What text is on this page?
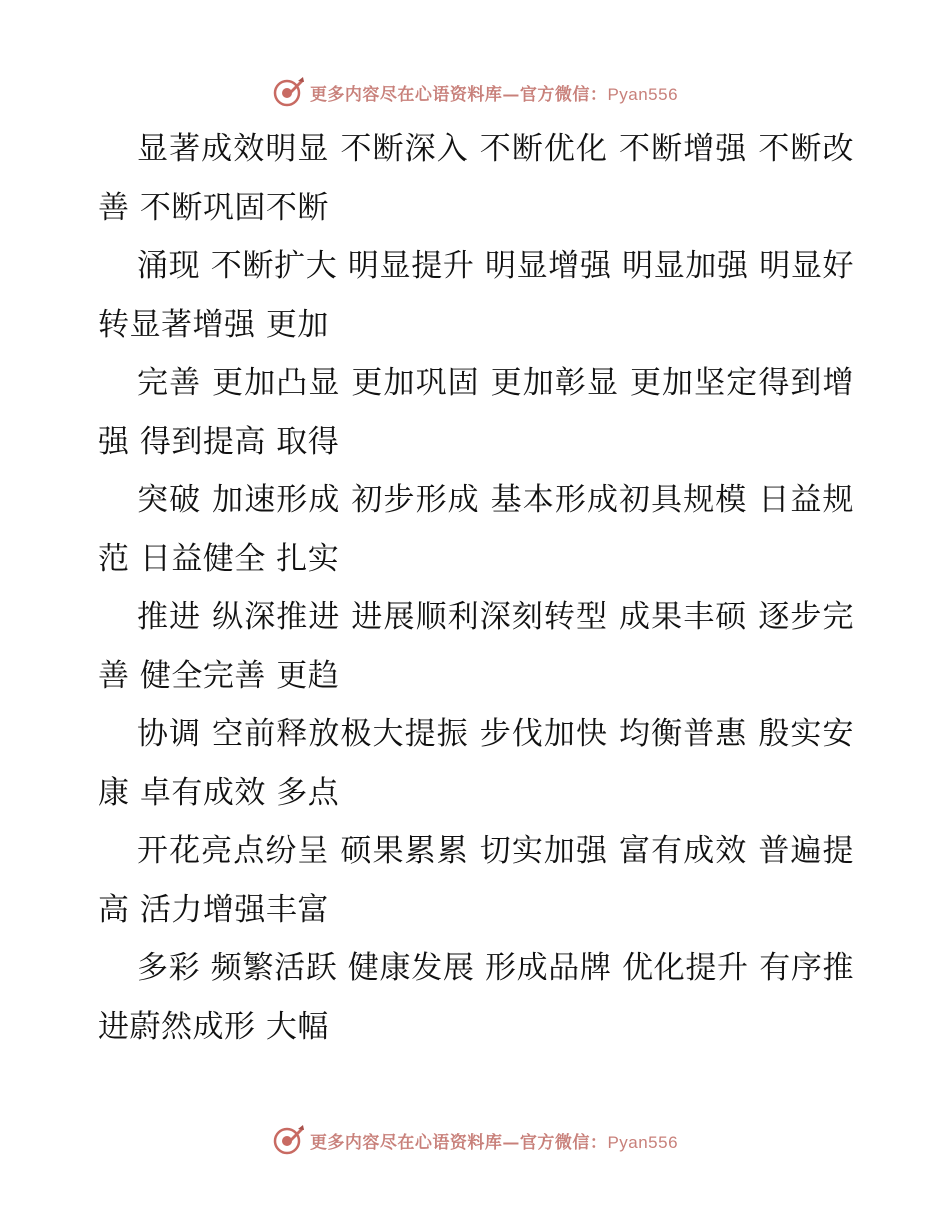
更多内容尽在心语资料库—官方微信：Pyan556

显著成效明显 不断深入 不断优化 不断增强 不断改善 不断巩固不断

涌现 不断扩大 明显提升 明显增强 明显加强 明显好转显著增强 更加

完善 更加凸显 更加巩固 更加彰显 更加坚定得到增强 得到提高 取得

突破 加速形成 初步形成 基本形成初具规模 日益规范 日益健全 扎实

推进 纵深推进 进展顺利深刻转型 成果丰硕 逐步完善 健全完善 更趋

协调 空前释放极大提振 步伐加快 均衡普惠 殷实安康 卓有成效 多点

开花亮点纷呈 硕果累累 切实加强 富有成效 普遍提高 活力增强丰富

多彩 频繁活跃 健康发展 形成品牌 优化提升 有序推进蔚然成形 大幅

更多内容尽在心语资料库—官方微信：Pyan556
